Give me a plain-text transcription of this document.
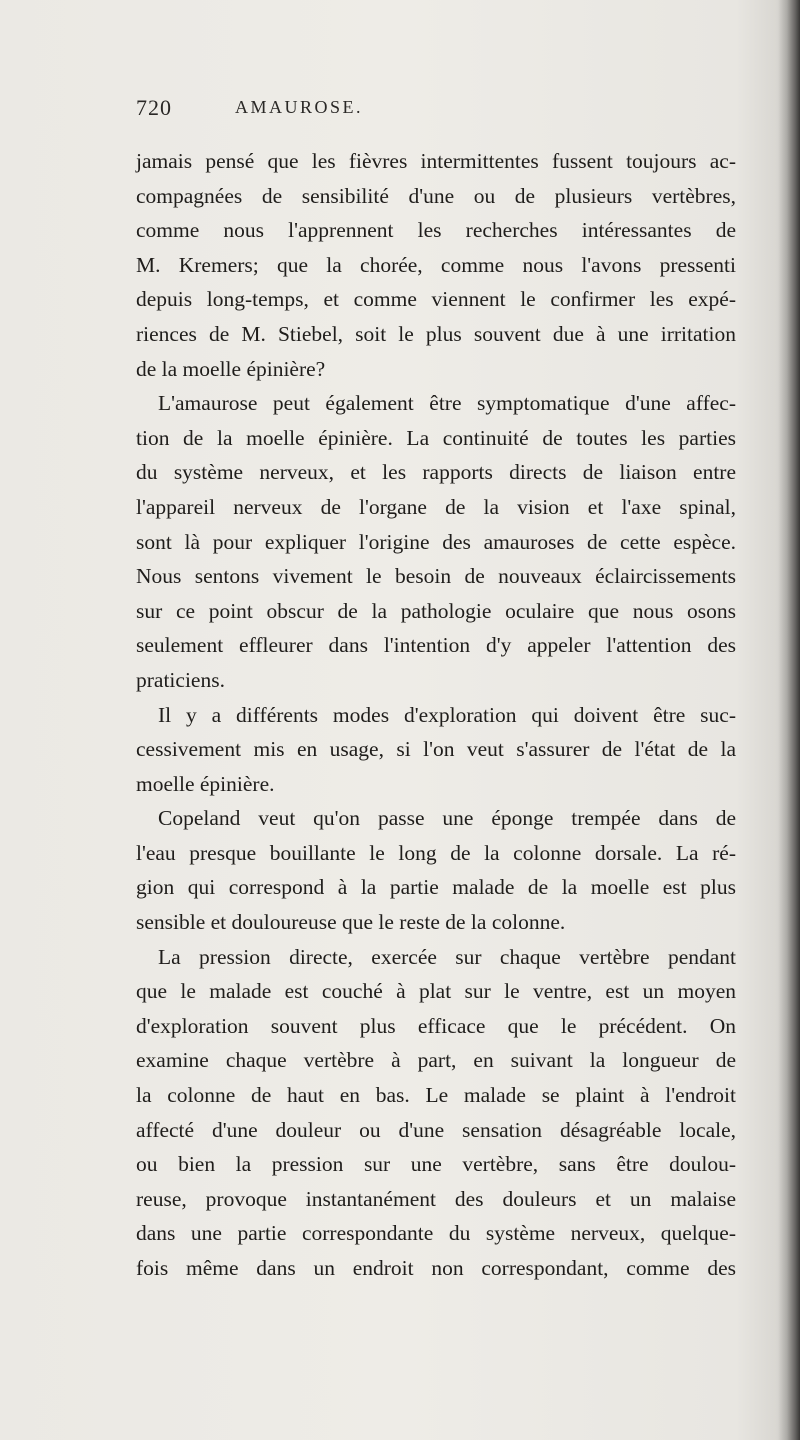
720	AMAUROSE.
jamais pensé que les fièvres intermittentes fussent toujours ac-
compagnées de sensibilité d'une ou de plusieurs vertèbres,
comme nous l'apprennent les recherches intéressantes de
M. Kremers; que la chorée, comme nous l'avons pressenti
depuis long-temps, et comme viennent le confirmer les expé-
riences de M. Stiebel, soit le plus souvent due à une irritation
de la moelle épinière?
L'amaurose peut également être symptomatique d'une affec-
tion de la moelle épinière. La continuité de toutes les parties
du système nerveux, et les rapports directs de liaison entre
l'appareil nerveux de l'organe de la vision et l'axe spinal,
sont là pour expliquer l'origine des amauroses de cette espèce.
Nous sentons vivement le besoin de nouveaux éclaircissements
sur ce point obscur de la pathologie oculaire que nous osons
seulement effleurer dans l'intention d'y appeler l'attention des
praticiens.
Il y a différents modes d'exploration qui doivent être suc-
cessivement mis en usage, si l'on veut s'assurer de l'état de la
moelle épinière.
Copeland veut qu'on passe une éponge trempée dans de
l'eau presque bouillante le long de la colonne dorsale. La ré-
gion qui correspond à la partie malade de la moelle est plus
sensible et douloureuse que le reste de la colonne.
La pression directe, exercée sur chaque vertèbre pendant
que le malade est couché à plat sur le ventre, est un moyen
d'exploration souvent plus efficace que le précédent. On
examine chaque vertèbre à part, en suivant la longueur de
la colonne de haut en bas. Le malade se plaint à l'endroit
affecté d'une douleur ou d'une sensation désagréable locale,
ou bien la pression sur une vertèbre, sans être doulou-
reuse, provoque instantanément des douleurs et un malaise
dans une partie correspondante du système nerveux, quelque-
fois même dans un endroit non correspondant, comme des
